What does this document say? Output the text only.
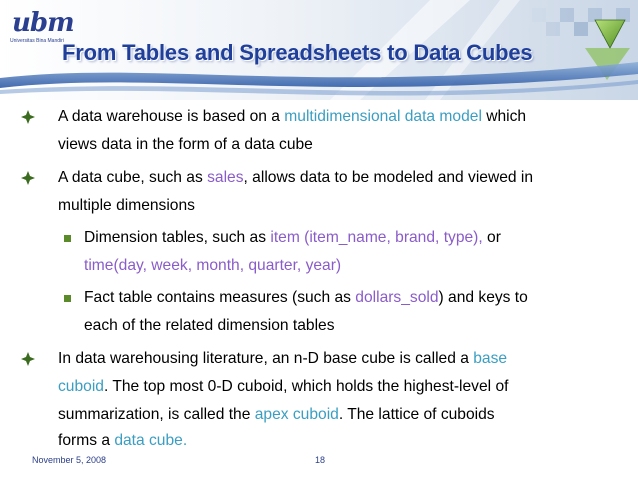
ubm
Universitas Bina Mandiri
From Tables and Spreadsheets to Data Cubes
A data warehouse is based on a multidimensional data model which
views data in the form of a data cube
A data cube, such as sales, allows data to be modeled and viewed in
multiple dimensions
Dimension tables, such as item (item_name, brand, type), or
time(day, week, month, quarter, year)
Fact table contains measures (such as dollars_sold) and keys to
each of the related dimension tables
In data warehousing literature, an n-D base cube is called a base
cuboid. The top most 0-D cuboid, which holds the highest-level of
summarization, is called the apex cuboid. The lattice of cuboids
forms a data cube.
November 5, 2008	18
